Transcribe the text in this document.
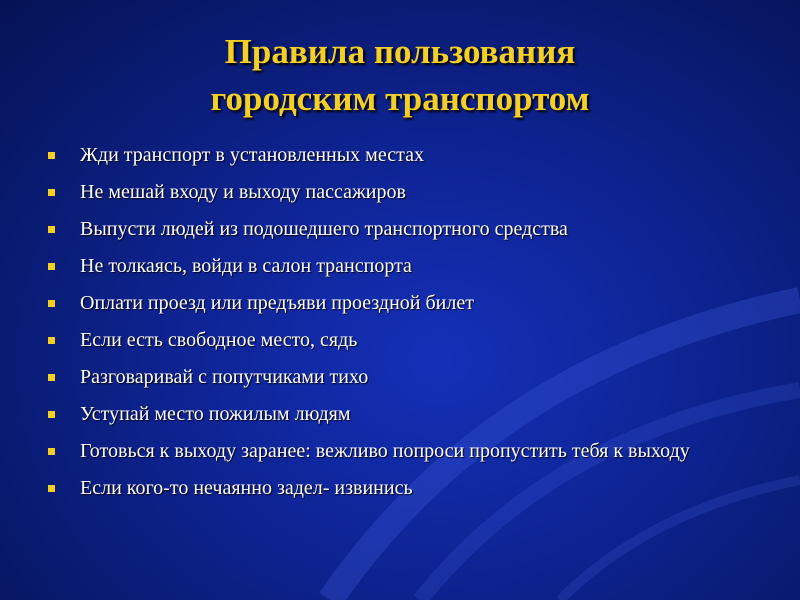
Правила пользования
городским транспортом
Жди транспорт в установленных местах
Не мешай входу и выходу пассажиров
Выпусти людей из подошедшего транспортного средства
Не толкаясь, войди в салон транспорта
Оплати проезд или предъяви проездной билет
Если есть свободное место, сядь
Разговаривай с попутчиками тихо
Уступай место пожилым людям
Готовься к выходу заранее: вежливо попроси пропустить тебя к выходу
Если кого-то нечаянно задел- извинись
